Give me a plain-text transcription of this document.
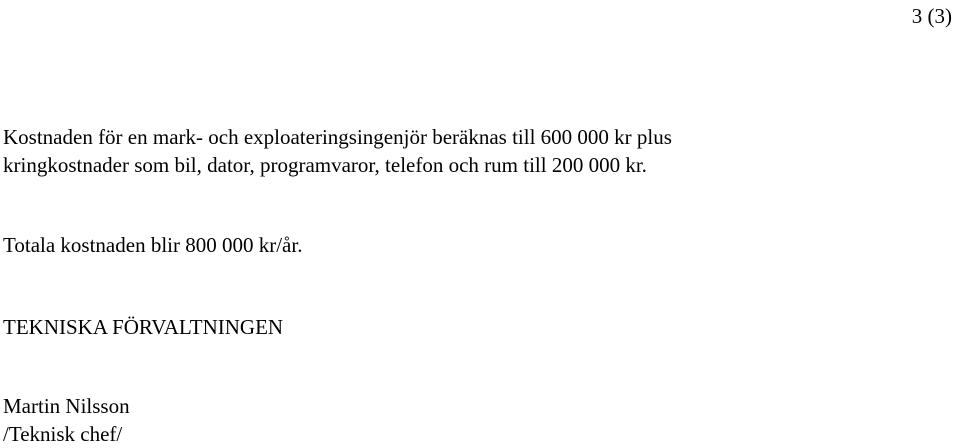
3 (3)

Kostnaden för en mark- och exploateringsingenjör beräknas till 600 000 kr plus
kringkostnader som bil, dator, programvaror, telefon och rum till 200 000 kr.

Totala kostnaden blir 800 000 kr/år.

TEKNISKA FÖRVALTNINGEN

Martin Nilsson
/Teknisk chef/
